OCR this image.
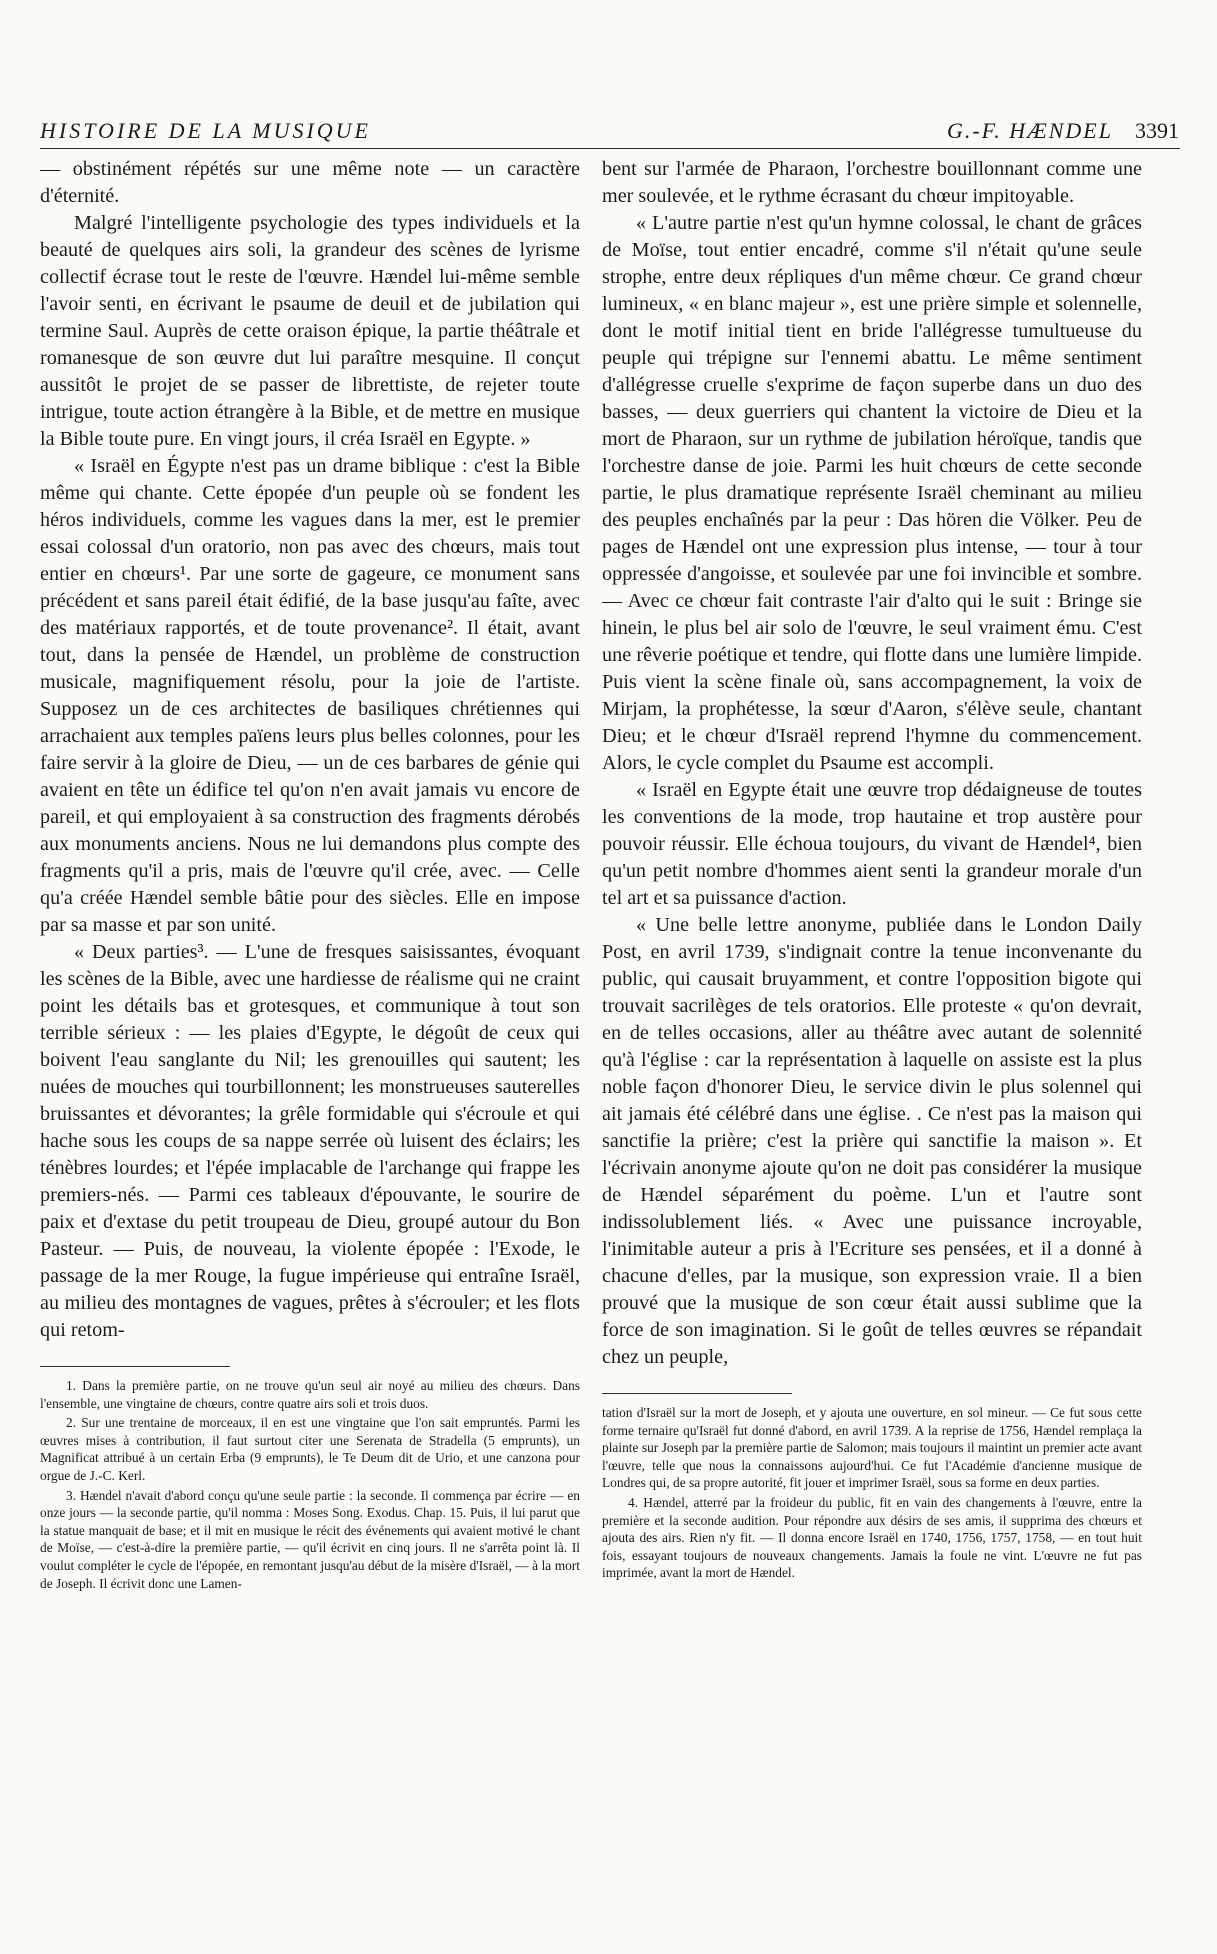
HISTOIRE DE LA MUSIQUE	G.-F. HÆNDEL 3391

— obstinément répétés sur une même note — un caractère d'éternité.

Malgré l'intelligente psychologie des types individuels et la beauté de quelques airs soli, la grandeur des scènes de lyrisme collectif écrase tout le reste de l'œuvre. Hændel lui-même semble l'avoir senti, en écrivant le psaume de deuil et de jubilation qui termine Saul. Auprès de cette oraison épique, la partie théâtrale et romanesque de son œuvre dut lui paraître mesquine. Il conçut aussitôt le projet de se passer de librettiste, de rejeter toute intrigue, toute action étrangère à la Bible, et de mettre en musique la Bible toute pure. En vingt jours, il créa Israël en Egypte. »

« Israël en Égypte n'est pas un drame biblique : c'est la Bible même qui chante. Cette épopée d'un peuple où se fondent les héros individuels, comme les vagues dans la mer, est le premier essai colossal d'un oratorio, non pas avec des chœurs, mais tout entier en chœurs¹. Par une sorte de gageure, ce monument sans précédent et sans pareil était édifié, de la base jusqu'au faîte, avec des matériaux rapportés, et de toute provenance². Il était, avant tout, dans la pensée de Hændel, un problème de construction musicale, magnifiquement résolu, pour la joie de l'artiste. Supposez un de ces architectes de basiliques chrétiennes qui arrachaient aux temples païens leurs plus belles colonnes, pour les faire servir à la gloire de Dieu, — un de ces barbares de génie qui avaient en tête un édifice tel qu'on n'en avait jamais vu encore de pareil, et qui employaient à sa construction des fragments dérobés aux monuments anciens. Nous ne lui demandons plus compte des fragments qu'il a pris, mais de l'œuvre qu'il crée, avec. — Celle qu'a créée Hændel semble bâtie pour des siècles. Elle en impose par sa masse et par son unité.

« Deux parties³. — L'une de fresques saisissantes, évoquant les scènes de la Bible, avec une hardiesse de réalisme qui ne craint point les détails bas et grotesques, et communique à tout son terrible sérieux : — les plaies d'Egypte, le dégoût de ceux qui boivent l'eau sanglante du Nil; les grenouilles qui sautent; les nuées de mouches qui tourbillonnent; les monstrueuses sauterelles bruissantes et dévorantes; la grêle formidable qui s'écroule et qui hache sous les coups de sa nappe serrée où luisent des éclairs; les ténèbres lourdes; et l'épée implacable de l'archange qui frappe les premiers-nés. — Parmi ces tableaux d'épouvante, le sourire de paix et d'extase du petit troupeau de Dieu, groupé autour du Bon Pasteur. — Puis, de nouveau, la violente épopée : l'Exode, le passage de la mer Rouge, la fugue impérieuse qui entraîne Israël, au milieu des montagnes de vagues, prêtes à s'écrouler; et les flots qui retom-

1. Dans la première partie, on ne trouve qu'un seul air noyé au milieu des chœurs. Dans l'ensemble, une vingtaine de chœurs, contre quatre airs soli et trois duos.

2. Sur une trentaine de morceaux, il en est une vingtaine que l'on sait empruntés. Parmi les œuvres mises à contribution, il faut surtout citer une Serenata de Stradella (5 emprunts), un Magnificat attribué à un certain Erba (9 emprunts), le Te Deum dit de Urio, et une canzona pour orgue de J.-C. Kerl.

3. Hændel n'avait d'abord conçu qu'une seule partie : la seconde. Il commença par écrire — en onze jours — la seconde partie, qu'il nomma : Moses Song. Exodus. Chap. 15. Puis, il lui parut que la statue manquait de base; et il mit en musique le récit des événements qui avaient motivé le chant de Moïse, — c'est-à-dire la première partie, — qu'il écrivit en cinq jours. Il ne s'arrêta point là. Il voulut compléter le cycle de l'épopée, en remontant jusqu'au début de la misère d'Israël, — à la mort de Joseph. Il écrivit donc une Lamen-

bent sur l'armée de Pharaon, l'orchestre bouillonnant comme une mer soulevée, et le rythme écrasant du chœur impitoyable.

« L'autre partie n'est qu'un hymne colossal, le chant de grâces de Moïse, tout entier encadré, comme s'il n'était qu'une seule strophe, entre deux répliques d'un même chœur. Ce grand chœur lumineux, « en blanc majeur », est une prière simple et solennelle, dont le motif initial tient en bride l'allégresse tumultueuse du peuple qui trépigne sur l'ennemi abattu. Le même sentiment d'allégresse cruelle s'exprime de façon superbe dans un duo des basses, — deux guerriers qui chantent la victoire de Dieu et la mort de Pharaon, sur un rythme de jubilation héroïque, tandis que l'orchestre danse de joie. Parmi les huit chœurs de cette seconde partie, le plus dramatique représente Israël cheminant au milieu des peuples enchaînés par la peur : Das hören die Völker. Peu de pages de Hændel ont une expression plus intense, — tour à tour oppressée d'angoisse, et soulevée par une foi invincible et sombre. — Avec ce chœur fait contraste l'air d'alto qui le suit : Bringe sie hinein, le plus bel air solo de l'œuvre, le seul vraiment ému. C'est une rêverie poétique et tendre, qui flotte dans une lumière limpide. Puis vient la scène finale où, sans accompagnement, la voix de Mirjam, la prophétesse, la sœur d'Aaron, s'élève seule, chantant Dieu; et le chœur d'Israël reprend l'hymne du commencement. Alors, le cycle complet du Psaume est accompli.

« Israël en Egypte était une œuvre trop dédaigneuse de toutes les conventions de la mode, trop hautaine et trop austère pour pouvoir réussir. Elle échoua toujours, du vivant de Hændel⁴, bien qu'un petit nombre d'hommes aient senti la grandeur morale d'un tel art et sa puissance d'action.

« Une belle lettre anonyme, publiée dans le London Daily Post, en avril 1739, s'indignait contre la tenue inconvenante du public, qui causait bruyamment, et contre l'opposition bigote qui trouvait sacrilèges de tels oratorios. Elle proteste « qu'on devrait, en de telles occasions, aller au théâtre avec autant de solennité qu'à l'église : car la représentation à laquelle on assiste est la plus noble façon d'honorer Dieu, le service divin le plus solennel qui ait jamais été célébré dans une église. . Ce n'est pas la maison qui sanctifie la prière; c'est la prière qui sanctifie la maison ». Et l'écrivain anonyme ajoute qu'on ne doit pas considérer la musique de Hændel séparément du poème. L'un et l'autre sont indissolublement liés. « Avec une puissance incroyable, l'inimitable auteur a pris à l'Ecriture ses pensées, et il a donné à chacune d'elles, par la musique, son expression vraie. Il a bien prouvé que la musique de son cœur était aussi sublime que la force de son imagination. Si le goût de telles œuvres se répandait chez un peuple,

tation d'Israël sur la mort de Joseph, et y ajouta une ouverture, en sol mineur. — Ce fut sous cette forme ternaire qu'Israël fut donné d'abord, en avril 1739. A la reprise de 1756, Hændel remplaça la plainte sur Joseph par la première partie de Salomon; mais toujours il maintint un premier acte avant l'œuvre, telle que nous la connaissons aujourd'hui. Ce fut l'Académie d'ancienne musique de Londres qui, de sa propre autorité, fit jouer et imprimer Israël, sous sa forme en deux parties.

4. Hændel, atterré par la froideur du public, fit en vain des changements à l'œuvre, entre la première et la seconde audition. Pour répondre aux désirs de ses amis, il supprima des chœurs et ajouta des airs. Rien n'y fit. — Il donna encore Israël en 1740, 1756, 1757, 1758, — en tout huit fois, essayant toujours de nouveaux changements. Jamais la foule ne vint. L'œuvre ne fut pas imprimée, avant la mort de Hændel.
